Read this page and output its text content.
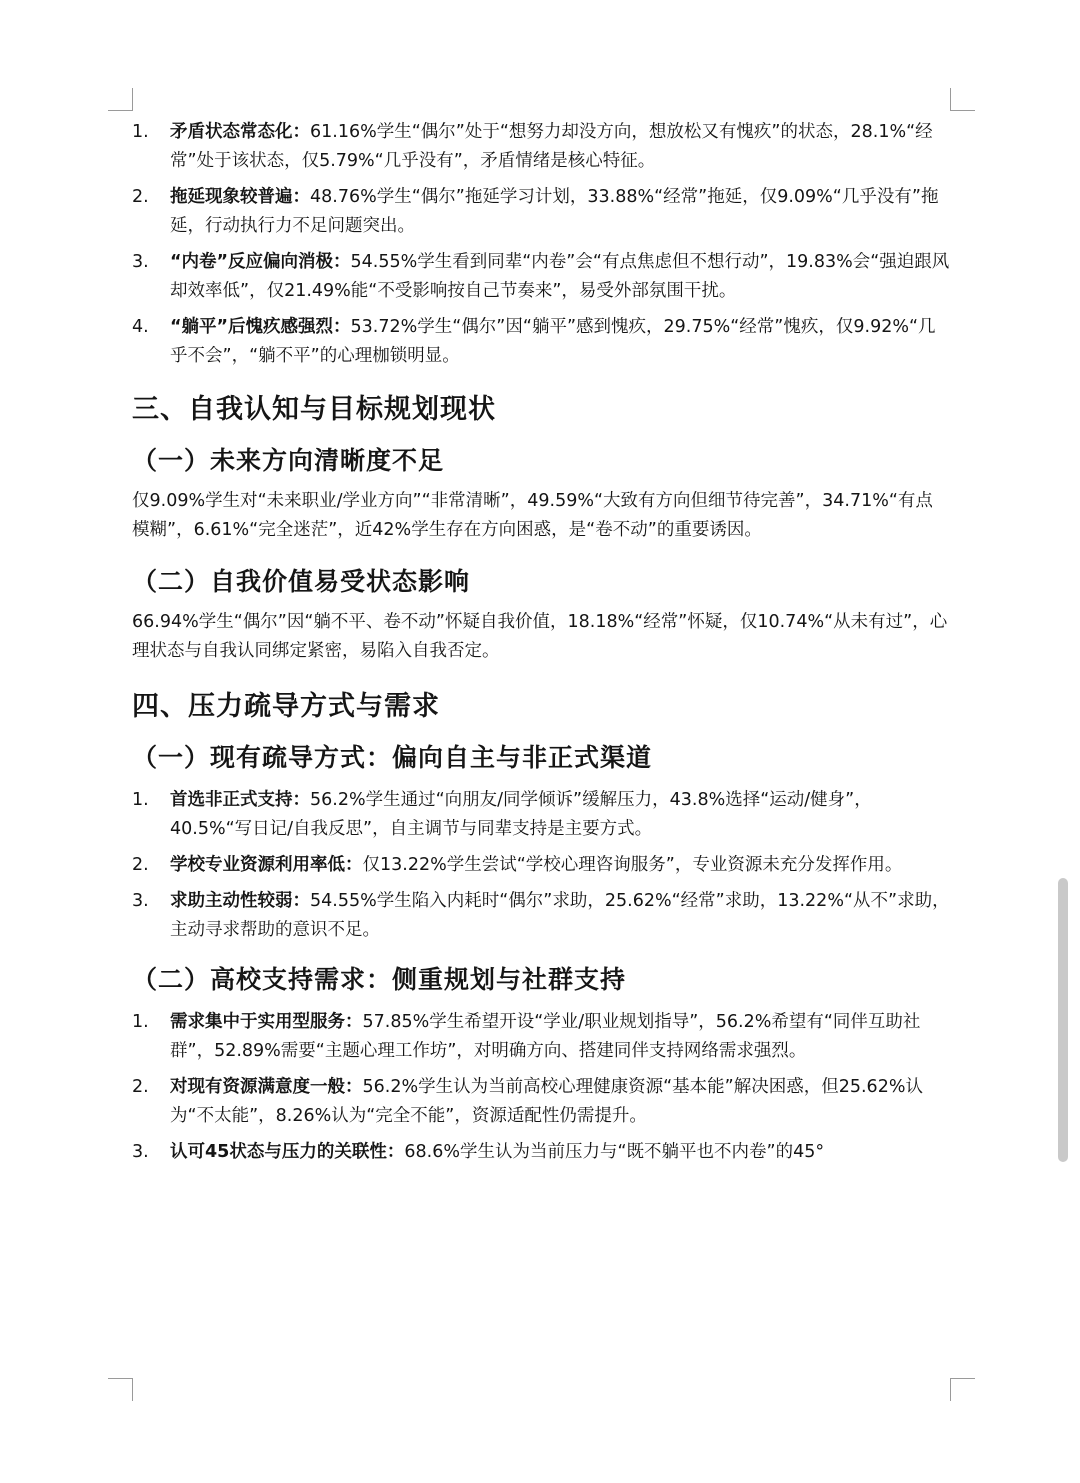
1. 矛盾状态常态化：61.16%学生“偶尔”处于“想努力却没方向，想放松又有愧疚”的状态，28.1%“经常”处于该状态，仅5.79%“几乎没有”，矛盾情绪是核心特征。
2. 拖延现象较普遍：48.76%学生“偶尔”拖延学习计划，33.88%“经常”拖延，仅9.09%“几乎没有”拖延，行动执行力不足问题突出。
3. “内卷”反应偏向消极：54.55%学生看到同辈“内卷”会“有点焦虑但不想行动”，19.83%会“强迫跟风却效率低”，仅21.49%能“不受影响按自己节奏来”，易受外部氛围干扰。
4. “躺平”后愧疚感强烈：53.72%学生“偶尔”因“躺平”感到愧疚，29.75%“经常”愧疚，仅9.92%“几乎不会”，“躺不平”的心理枷锁明显。
三、自我认知与目标规划现状
（一）未来方向清晰度不足

仅9.09%学生对“未来职业/学业方向”“非常清晰”，49.59%“大致有方向但细节待完善”，34.71%“有点模糊”，6.61%“完全迷茫”，近42%学生存在方向困惑，是“卷不动”的重要诱因。

（二）自我价值易受状态影响

66.94%学生“偶尔”因“躺不平、卷不动”怀疑自我价值，18.18%“经常”怀疑，仅10.74%“从未有过”，心理状态与自我认同绑定紧密，易陷入自我否定。

四、压力疏导方式与需求
（一）现有疏导方式：偏向自主与非正式渠道
1. 首选非正式支持：56.2%学生通过“向朋友/同学倾诉”缓解压力，43.8%选择“运动/健身”，40.5%“写日记/自我反思”，自主调节与同辈支持是主要方式。
2. 学校专业资源利用率低：仅13.22%学生尝试“学校心理咨询服务”，专业资源未充分发挥作用。
3. 求助主动性较弱：54.55%学生陷入内耗时“偶尔”求助，25.62%“经常”求助，13.22%“从不”求助，主动寻求帮助的意识不足。
（二）高校支持需求：侧重规划与社群支持
1. 需求集中于实用型服务：57.85%学生希望开设“学业/职业规划指导”，56.2%希望有“同伴互助社群”，52.89%需要“主题心理工作坊”，对明确方向、搭建同伴支持网络需求强烈。
2. 对现有资源满意度一般：56.2%学生认为当前高校心理健康资源“基本能”解决困惑，但25.62%认为“不太能”，8.26%认为“完全不能”，资源适配性仍需提升。
3. 认可45状态与压力的关联性：68.6%学生认为当前压力与“既不躺平也不内卷”的45°
